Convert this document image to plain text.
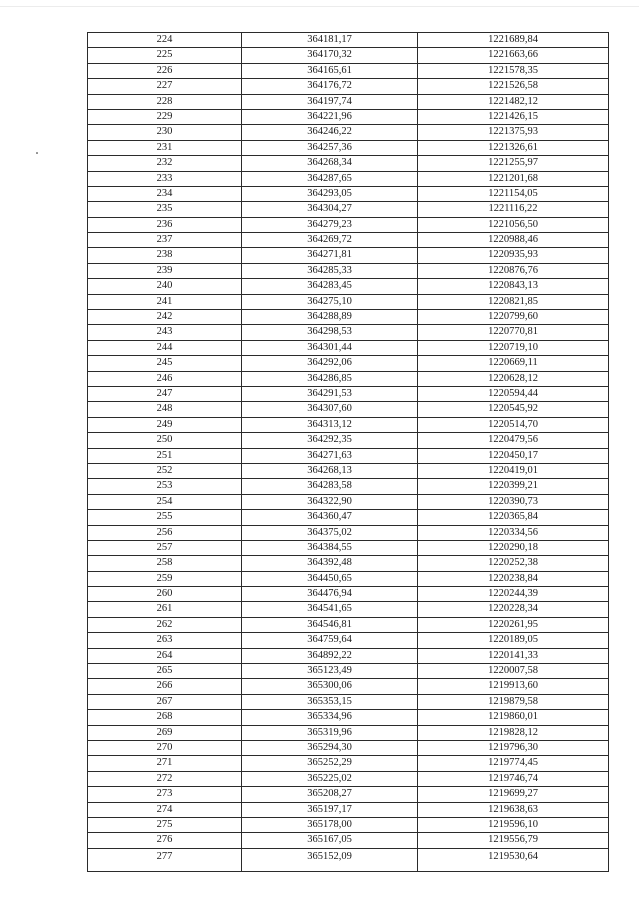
224	364181,17	1221689,84
225	364170,32	1221663,66
226	364165,61	1221578,35
227	364176,72	1221526,58
228	364197,74	1221482,12
229	364221,96	1221426,15
230	364246,22	1221375,93
231	364257,36	1221326,61
232	364268,34	1221255,97
233	364287,65	1221201,68
234	364293,05	1221154,05
235	364304,27	1221116,22
236	364279,23	1221056,50
237	364269,72	1220988,46
238	364271,81	1220935,93
239	364285,33	1220876,76
240	364283,45	1220843,13
241	364275,10	1220821,85
242	364288,89	1220799,60
243	364298,53	1220770,81
244	364301,44	1220719,10
245	364292,06	1220669,11
246	364286,85	1220628,12
247	364291,53	1220594,44
248	364307,60	1220545,92
249	364313,12	1220514,70
250	364292,35	1220479,56
251	364271,63	1220450,17
252	364268,13	1220419,01
253	364283,58	1220399,21
254	364322,90	1220390,73
255	364360,47	1220365,84
256	364375,02	1220334,56
257	364384,55	1220290,18
258	364392,48	1220252,38
259	364450,65	1220238,84
260	364476,94	1220244,39
261	364541,65	1220228,34
262	364546,81	1220261,95
263	364759,64	1220189,05
264	364892,22	1220141,33
265	365123,49	1220007,58
266	365300,06	1219913,60
267	365353,15	1219879,58
268	365334,96	1219860,01
269	365319,96	1219828,12
270	365294,30	1219796,30
271	365252,29	1219774,45
272	365225,02	1219746,74
273	365208,27	1219699,27
274	365197,17	1219638,63
275	365178,00	1219596,10
276	365167,05	1219556,79
277	365152,09	1219530,64
